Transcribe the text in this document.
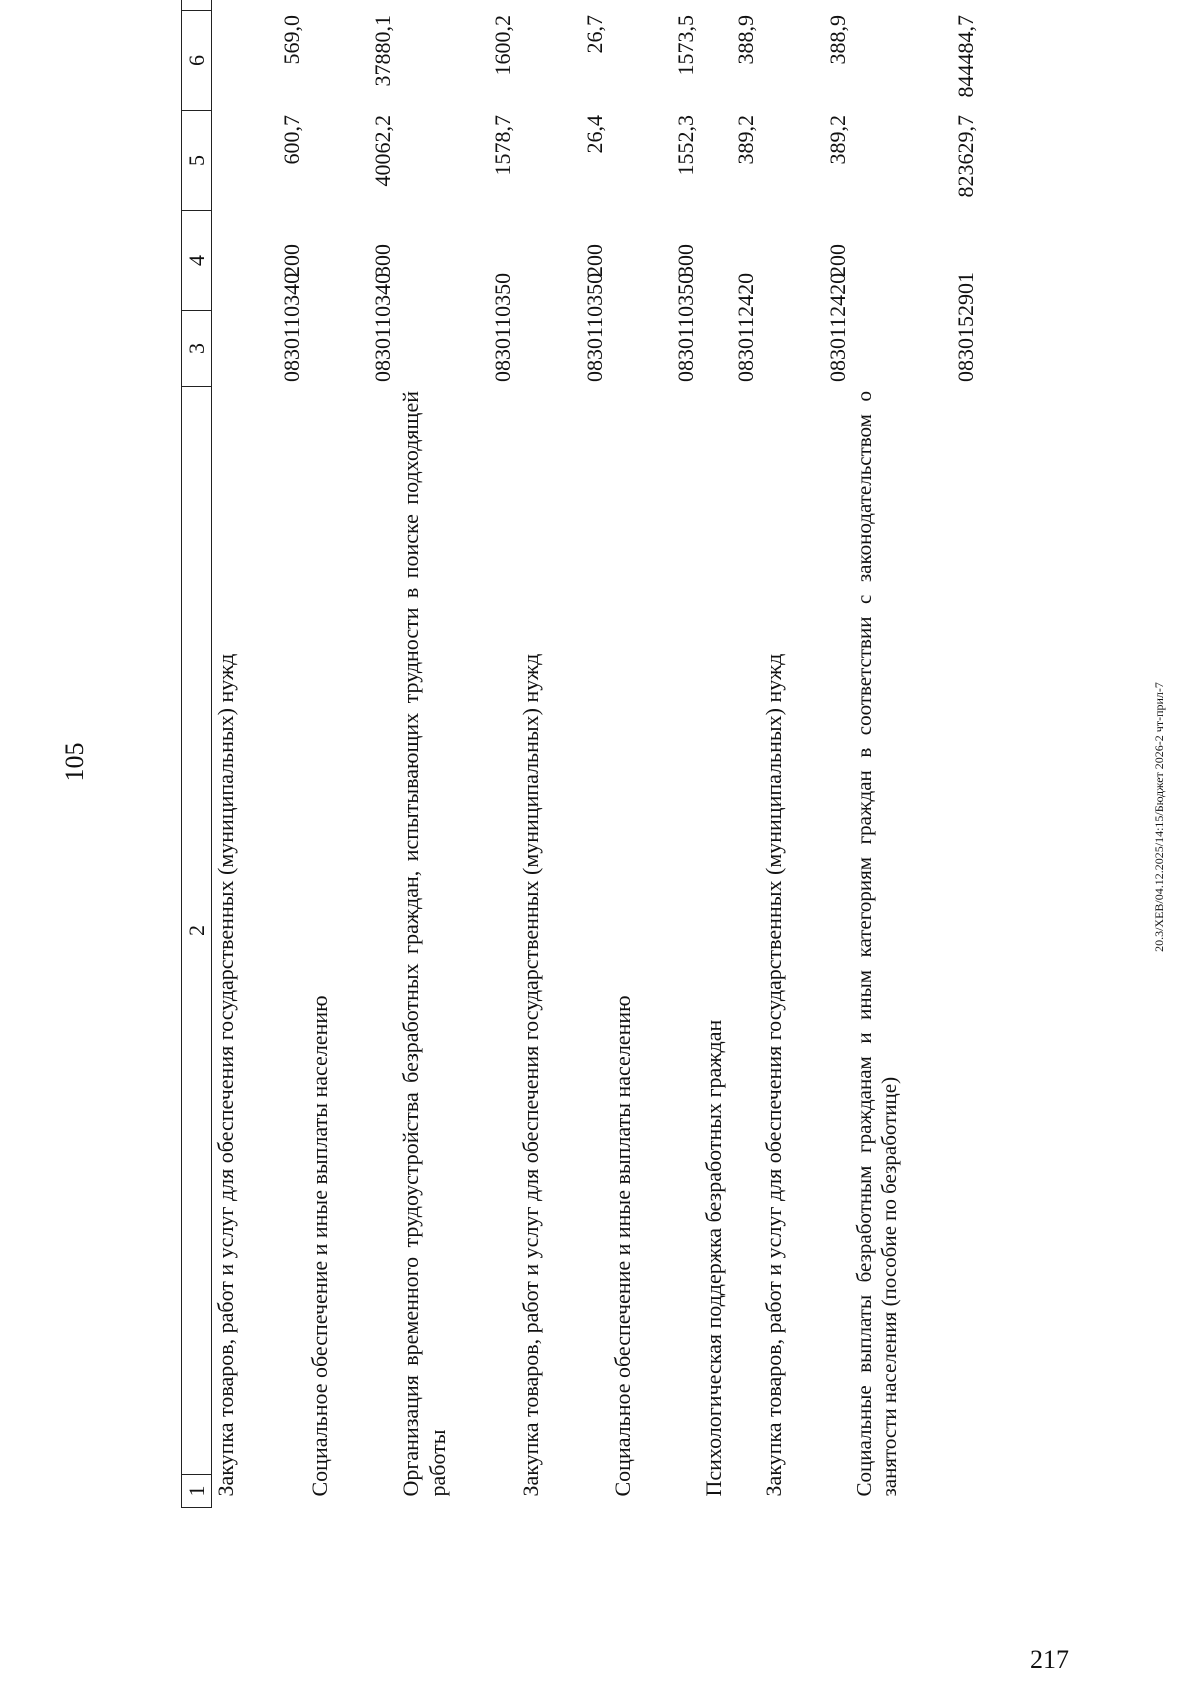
105
1	2	3	4	5	6	
Закупка товаров, работ и услуг для обеспечения государственных (муниципальных) нужд		0830110340	200	600,7	569,0	
Социальное обеспечение и иные выплаты населению		0830110340	300	40062,2	37880,1	
Организация временного трудоустройства безработных граждан, испытывающих трудности в поиске подходящей работы		0830110350		1578,7	1600,2	
Закупка товаров, работ и услуг для обеспечения государственных (муниципальных) нужд		0830110350	200	26,4	26,7	
Социальное обеспечение и иные выплаты населению		0830110350	300	1552,3	1573,5	
Психологическая поддержка безработных граждан		0830112420		389,2	388,9	
Закупка товаров, работ и услуг для обеспечения государственных (муниципальных) нужд		0830112420	200	389,2	388,9	
Социальные выплаты безработным гражданам и иным категориям граждан в соответствии с законодательством о занятости населения (пособие по безработице)		0830152901		823629,7	844484,7	
20.3/ХЕВ/04.12.2025/14:15/Бюджет 2026-2 чт-прил-7
217
